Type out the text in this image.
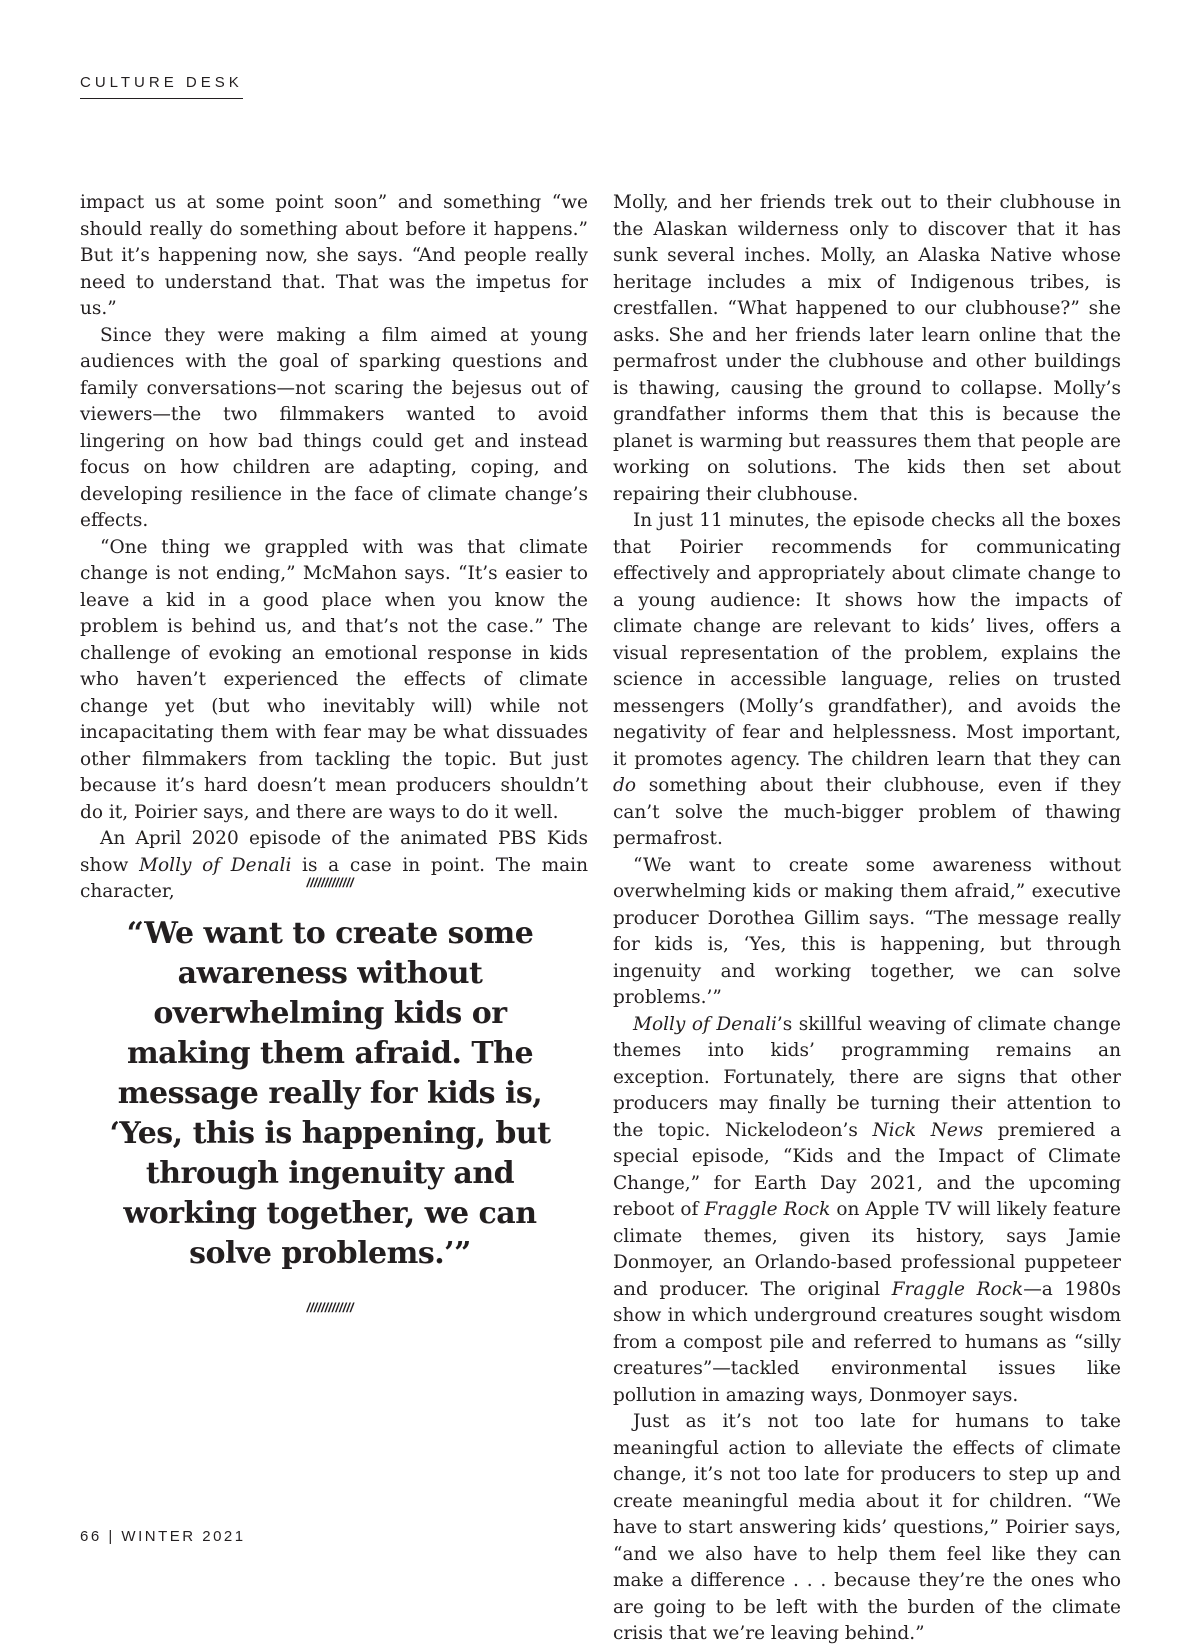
CULTURE DESK

impact us at some point soon” and something “we should really do something about before it happens.” But it’s happening now, she says. “And people really need to understand that. That was the impetus for us.”

Since they were making a film aimed at young audiences with the goal of sparking questions and family conversations—not scaring the bejesus out of viewers—the two filmmakers wanted to avoid lingering on how bad things could get and instead focus on how children are adapting, coping, and developing resilience in the face of climate change’s effects.

“One thing we grappled with was that climate change is not ending,” McMahon says. “It’s easier to leave a kid in a good place when you know the problem is behind us, and that’s not the case.” The challenge of evoking an emotional response in kids who haven’t experienced the effects of climate change yet (but who inevitably will) while not incapacitating them with fear may be what dissuades other filmmakers from tackling the topic. But just because it’s hard doesn’t mean producers shouldn’t do it, Poirier says, and there are ways to do it well.

An April 2020 episode of the animated PBS Kids show Molly of Denali is a case in point. The main character,	/////////////
“We want to create some awareness without overwhelming kids or making them afraid. The message really for kids is, ‘Yes, this is happening, but through ingenuity and working together, we can solve problems.’”
/////////////

Molly, and her friends trek out to their clubhouse in the Alaskan wilderness only to discover that it has sunk several inches. Molly, an Alaska Native whose heritage includes a mix of Indigenous tribes, is crestfallen. “What happened to our clubhouse?” she asks. She and her friends later learn online that the permafrost under the clubhouse and other buildings is thawing, causing the ground to collapse. Molly’s grandfather informs them that this is because the planet is warming but reassures them that people are working on solutions. The kids then set about repairing their clubhouse.

In just 11 minutes, the episode checks all the boxes that Poirier recommends for communicating effectively and appropriately about climate change to a young audience: It shows how the impacts of climate change are relevant to kids’ lives, offers a visual representation of the problem, explains the science in accessible language, relies on trusted messengers (Molly’s grandfather), and avoids the negativity of fear and helplessness. Most important, it promotes agency. The children learn that they can do something about their clubhouse, even if they can’t solve the much-bigger problem of thawing permafrost.

“We want to create some awareness without overwhelming kids or making them afraid,” executive producer Dorothea Gillim says. “The message really for kids is, ‘Yes, this is happening, but through ingenuity and working together, we can solve problems.’”

Molly of Denali’s skillful weaving of climate change themes into kids’ programming remains an exception. Fortunately, there are signs that other producers may finally be turning their attention to the topic. Nickelodeon’s Nick News premiered a special episode, “Kids and the Impact of Climate Change,” for Earth Day 2021, and the upcoming reboot of Fraggle Rock on Apple TV will likely feature climate themes, given its history, says Jamie Donmoyer, an Orlando-based professional puppeteer and producer. The original Fraggle Rock—a 1980s show in which underground creatures sought wisdom from a compost pile and referred to humans as “silly creatures”—tackled environmental issues like pollution in amazing ways, Donmoyer says.

Just as it’s not too late for humans to take meaningful action to alleviate the effects of climate change, it’s not too late for producers to step up and create meaningful media about it for children. “We have to start answering kids’ questions,” Poirier says, “and we also have to help them feel like they can make a difference . . . because they’re the ones who are going to be left with the burden of the climate crisis that we’re leaving behind.”

66 | WINTER 2021
